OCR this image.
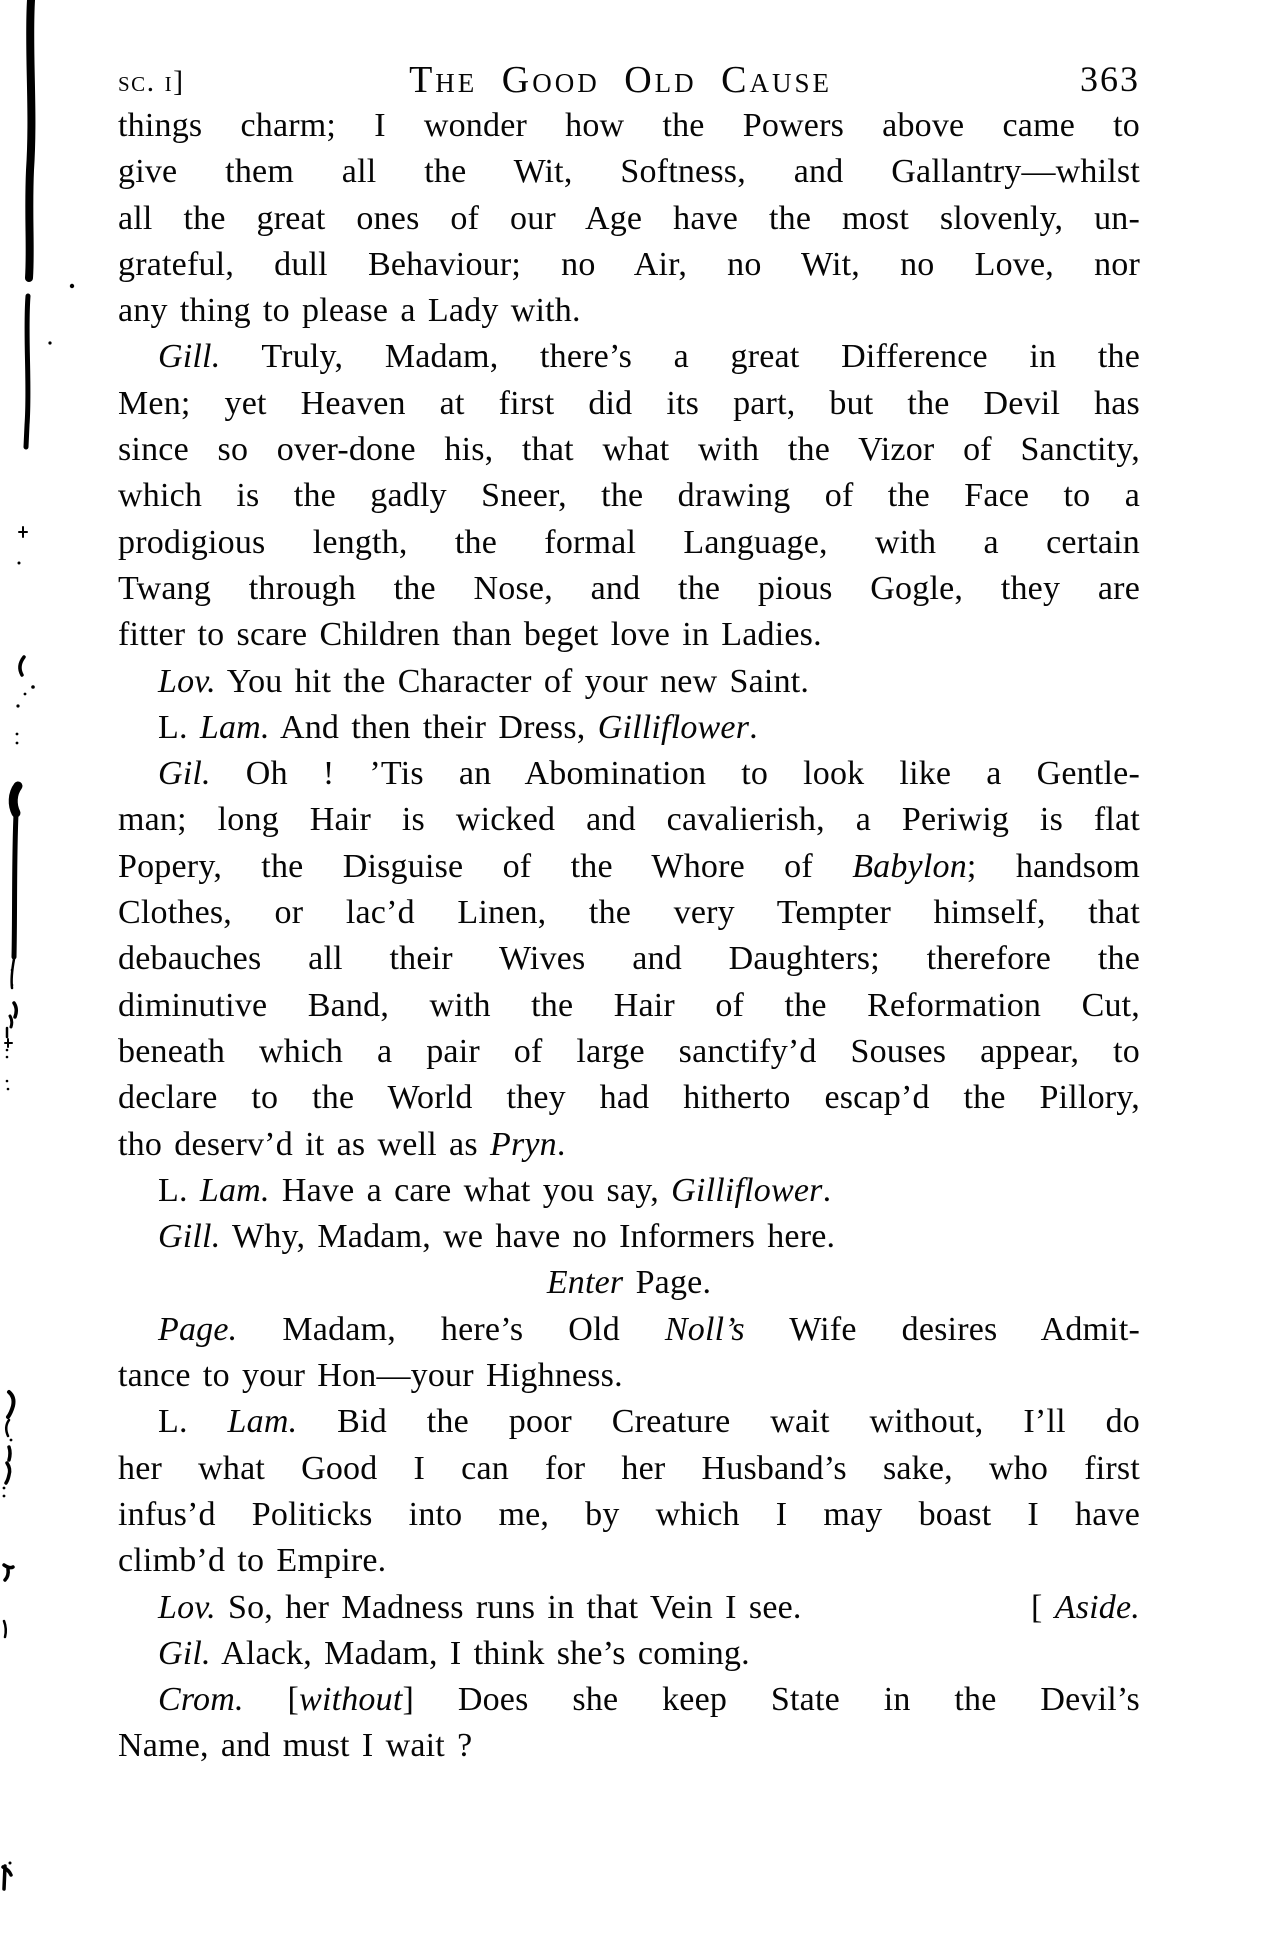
sc. i]	The Good Old Cause	363
things charm; I wonder how the Powers above came to
give them all the Wit, Softness, and Gallantry—whilst
all the great ones of our Age have the most slovenly, un-
grateful, dull Behaviour; no Air, no Wit, no Love, nor
any thing to please a Lady with.
Gill. Truly, Madam, there’s a great Difference in the
Men; yet Heaven at first did its part, but the Devil has
since so over-done his, that what with the Vizor of Sanctity,
which is the gadly Sneer, the drawing of the Face to a
prodigious length, the formal Language, with a certain
Twang through the Nose, and the pious Gogle, they are
fitter to scare Children than beget love in Ladies.
Lov. You hit the Character of your new Saint.
L. Lam. And then their Dress, Gilliflower.
Gil. Oh ! ’Tis an Abomination to look like a Gentle-
man; long Hair is wicked and cavalierish, a Periwig is flat
Popery, the Disguise of the Whore of Babylon; handsom
Clothes, or lac’d Linen, the very Tempter himself, that
debauches all their Wives and Daughters; therefore the
diminutive Band, with the Hair of the Reformation Cut,
beneath which a pair of large sanctify’d Souses appear, to
declare to the World they had hitherto escap’d the Pillory,
tho deserv’d it as well as Pryn.
L. Lam. Have a care what you say, Gilliflower.
Gill. Why, Madam, we have no Informers here.
Enter Page.
Page. Madam, here’s Old Noll’s Wife desires Admit-
tance to your Hon—your Highness.
L. Lam. Bid the poor Creature wait without, I’ll do
her what Good I can for her Husband’s sake, who first
infus’d Politicks into me, by which I may boast I have
climb’d to Empire.
[ Aside.
Lov. So, her Madness runs in that Vein I see.
Gil. Alack, Madam, I think she’s coming.
Crom. [without] Does she keep State in the Devil’s
Name, and must I wait ?
